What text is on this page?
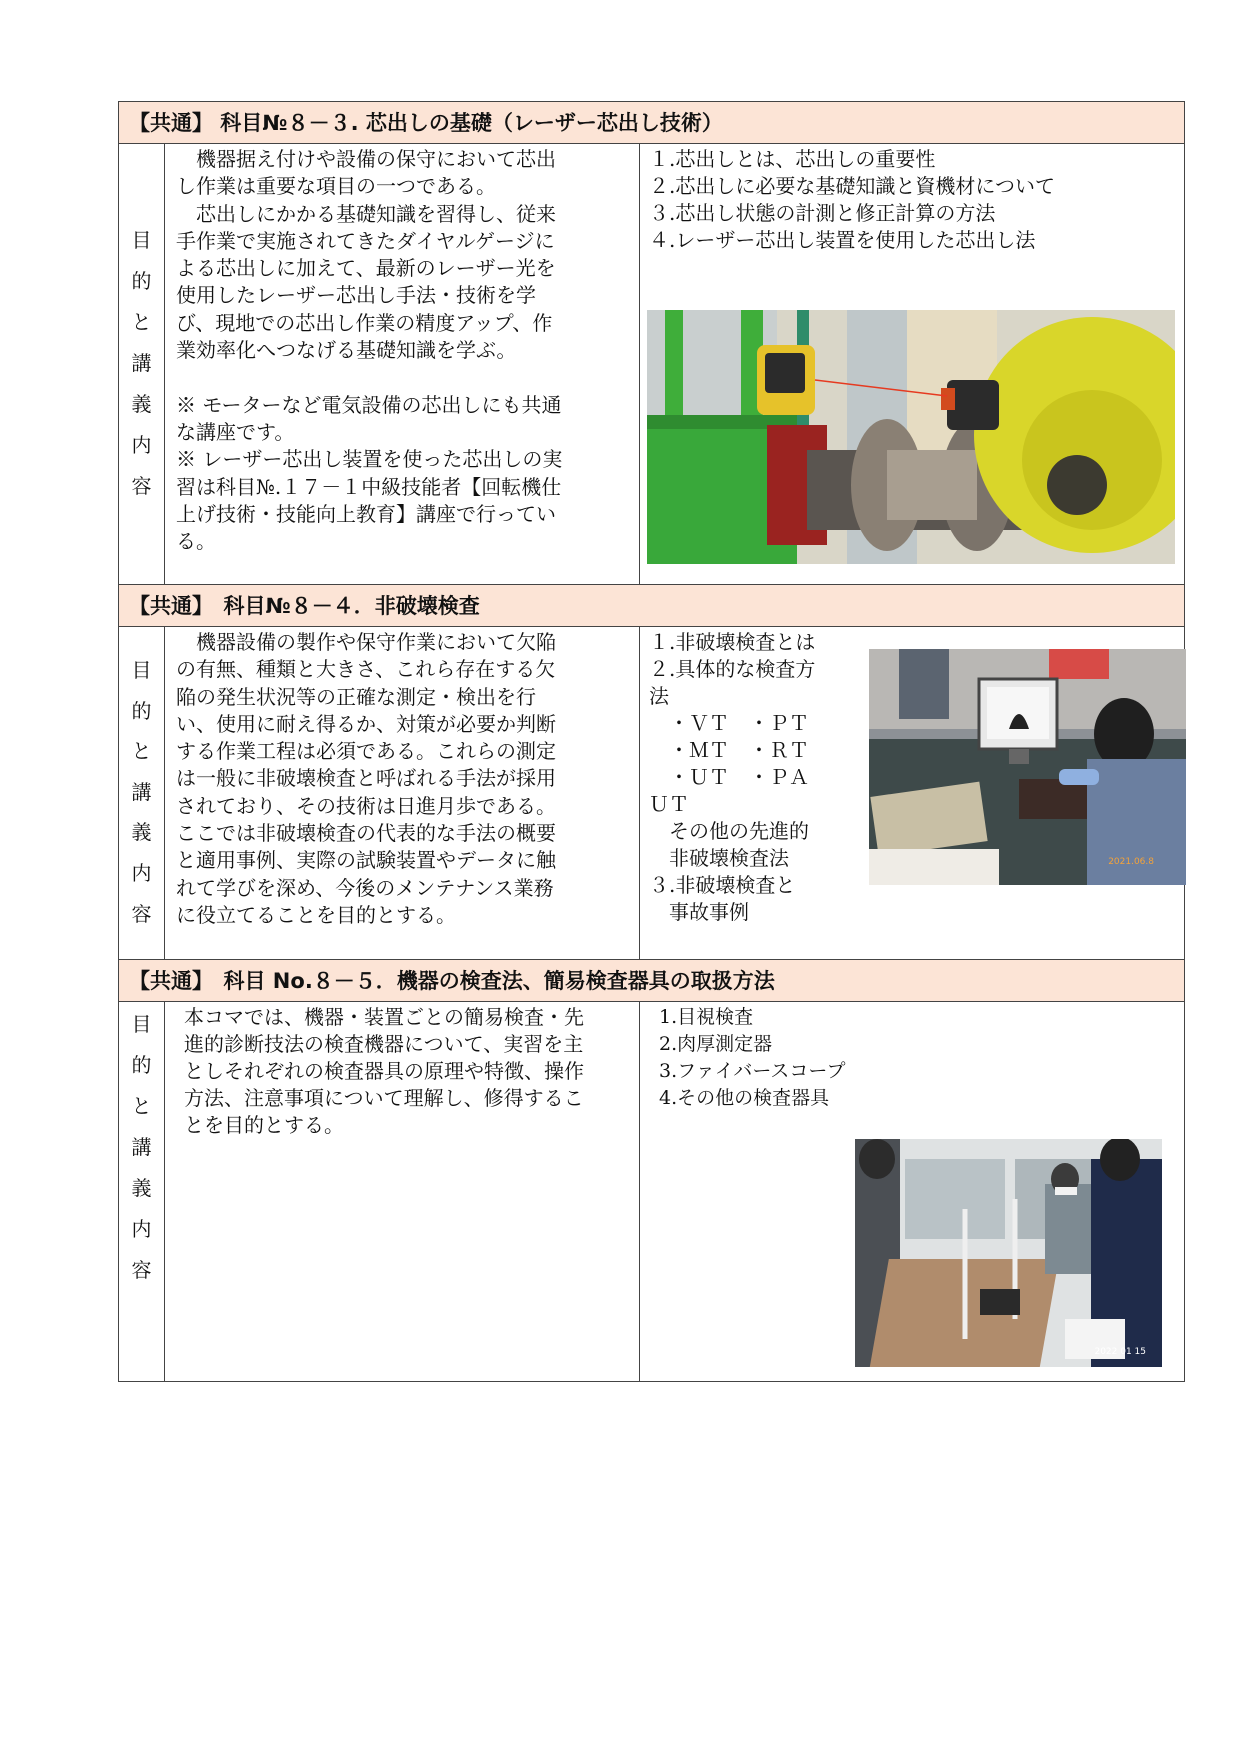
【共通】 科目№８－３. 芯出しの基礎（レーザー芯出し技術）
目
的
と
講
義
内
容
　機器据え付けや設備の保守において芯出
し作業は重要な項目の一つである。
　芯出しにかかる基礎知識を習得し、従来
手作業で実施されてきたダイヤルゲージに
よる芯出しに加えて、最新のレーザー光を
使用したレーザー芯出し手法・技術を学
び、現地での芯出し作業の精度アップ、作
業効率化へつなげる基礎知識を学ぶ。

※ モーターなど電気設備の芯出しにも共通
な講座です。
※ レーザー芯出し装置を使った芯出しの実
習は科目№.１７－１中級技能者【回転機仕
上げ技術・技能向上教育】講座で行ってい
る。
１.芯出しとは、芯出しの重要性
２.芯出しに必要な基礎知識と資機材について
３.芯出し状態の計測と修正計算の方法
４.レーザー芯出し装置を使用した芯出し法
【共通】　科目№８－４．非破壊検査
目
的
と
講
義
内
容
　機器設備の製作や保守作業において欠陥
の有無、種類と大きさ、これら存在する欠
陥の発生状況等の正確な測定・検出を行
い、使用に耐え得るか、対策が必要か判断
する作業工程は必須である。これらの測定
は一般に非破壊検査と呼ばれる手法が採用
されており、その技術は日進月歩である。
ここでは非破壊検査の代表的な手法の概要
と適用事例、実際の試験装置やデータに触
れて学びを深め、今後のメンテナンス業務
に役立てることを目的とする。
１.非破壊検査とは
２.具体的な検査方
法
　・ＶＴ　・ＰＴ
　・ＭＴ　・ＲＴ
　・ＵＴ　・ＰＡ
ＵＴ
　その他の先進的
　非破壊検査法
３.非破壊検査と
　事故事例
2021.06.8
【共通】　科目 No.８－５．機器の検査法、簡易検査器具の取扱方法
目
的
と
講
義
内
容
本コマでは、機器・装置ごとの簡易検査・先
進的診断技法の検査機器について、実習を主
としそれぞれの検査器具の原理や特徴、操作
方法、注意事項について理解し、修得するこ
とを目的とする。
1.目視検査
2.肉厚測定器
3.ファイバースコープ
4.その他の検査器具
2022 01 15
